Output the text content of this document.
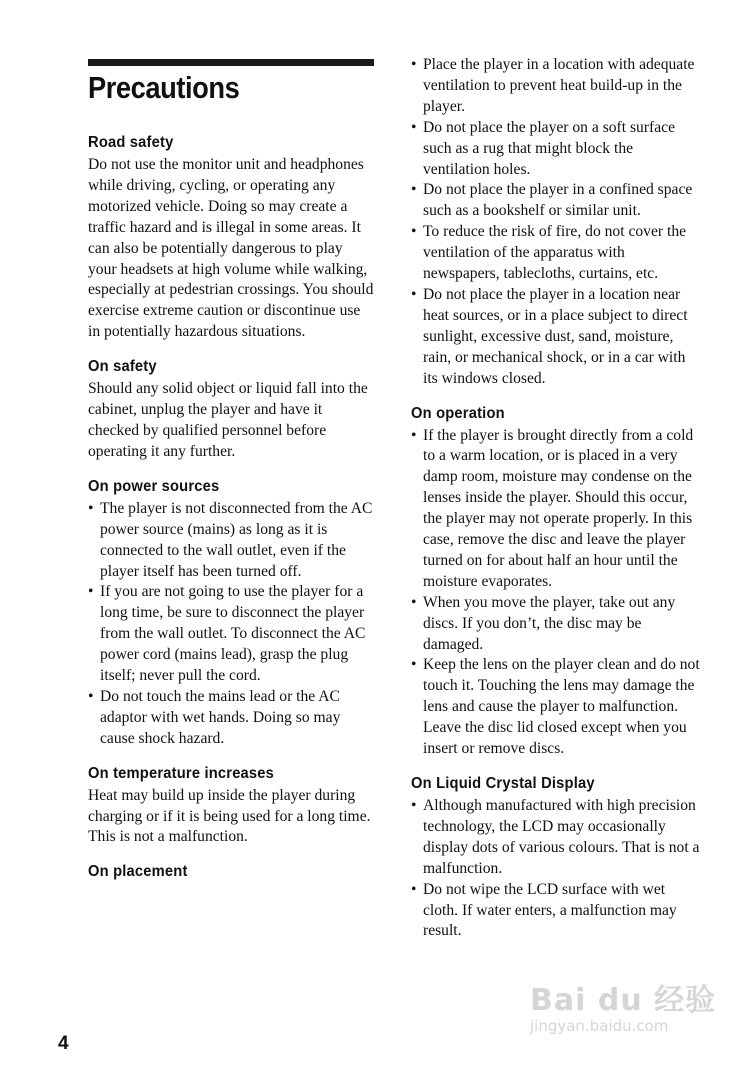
Precautions
Road safety

Do not use the monitor unit and headphones while driving, cycling, or operating any motorized vehicle. Doing so may create a traffic hazard and is illegal in some areas. It can also be potentially dangerous to play your headsets at high volume while walking, especially at pedestrian crossings. You should exercise extreme caution or discontinue use in potentially hazardous situations.

On safety

Should any solid object or liquid fall into the cabinet, unplug the player and have it checked by qualified personnel before operating it any further.

On power sources
• The player is not disconnected from the AC power source (mains) as long as it is connected to the wall outlet, even if the player itself has been turned off.
• If you are not going to use the player for a long time, be sure to disconnect the player from the wall outlet. To disconnect the AC power cord (mains lead), grasp the plug itself; never pull the cord.
• Do not touch the mains lead or the AC adaptor with wet hands. Doing so may cause shock hazard.
On temperature increases

Heat may build up inside the player during charging or if it is being used for a long time. This is not a malfunction.

On placement
• Place the player in a location with adequate ventilation to prevent heat build-up in the player.
• Do not place the player on a soft surface such as a rug that might block the ventilation holes.
• Do not place the player in a confined space such as a bookshelf or similar unit.
• To reduce the risk of fire, do not cover the ventilation of the apparatus with newspapers, tablecloths, curtains, etc.
• Do not place the player in a location near heat sources, or in a place subject to direct sunlight, excessive dust, sand, moisture, rain, or mechanical shock, or in a car with its windows closed.
On operation
• If the player is brought directly from a cold to a warm location, or is placed in a very damp room, moisture may condense on the lenses inside the player. Should this occur, the player may not operate properly. In this case, remove the disc and leave the player turned on for about half an hour until the moisture evaporates.
• When you move the player, take out any discs. If you don’t, the disc may be damaged.
• Keep the lens on the player clean and do not touch it. Touching the lens may damage the lens and cause the player to malfunction. Leave the disc lid closed except when you insert or remove discs.
On Liquid Crystal Display
• Although manufactured with high precision technology, the LCD may occasionally display dots of various colours. That is not a malfunction.
• Do not wipe the LCD surface with wet cloth. If water enters, a malfunction may result.
4
Bai du 经验
jingyan.baidu.com
